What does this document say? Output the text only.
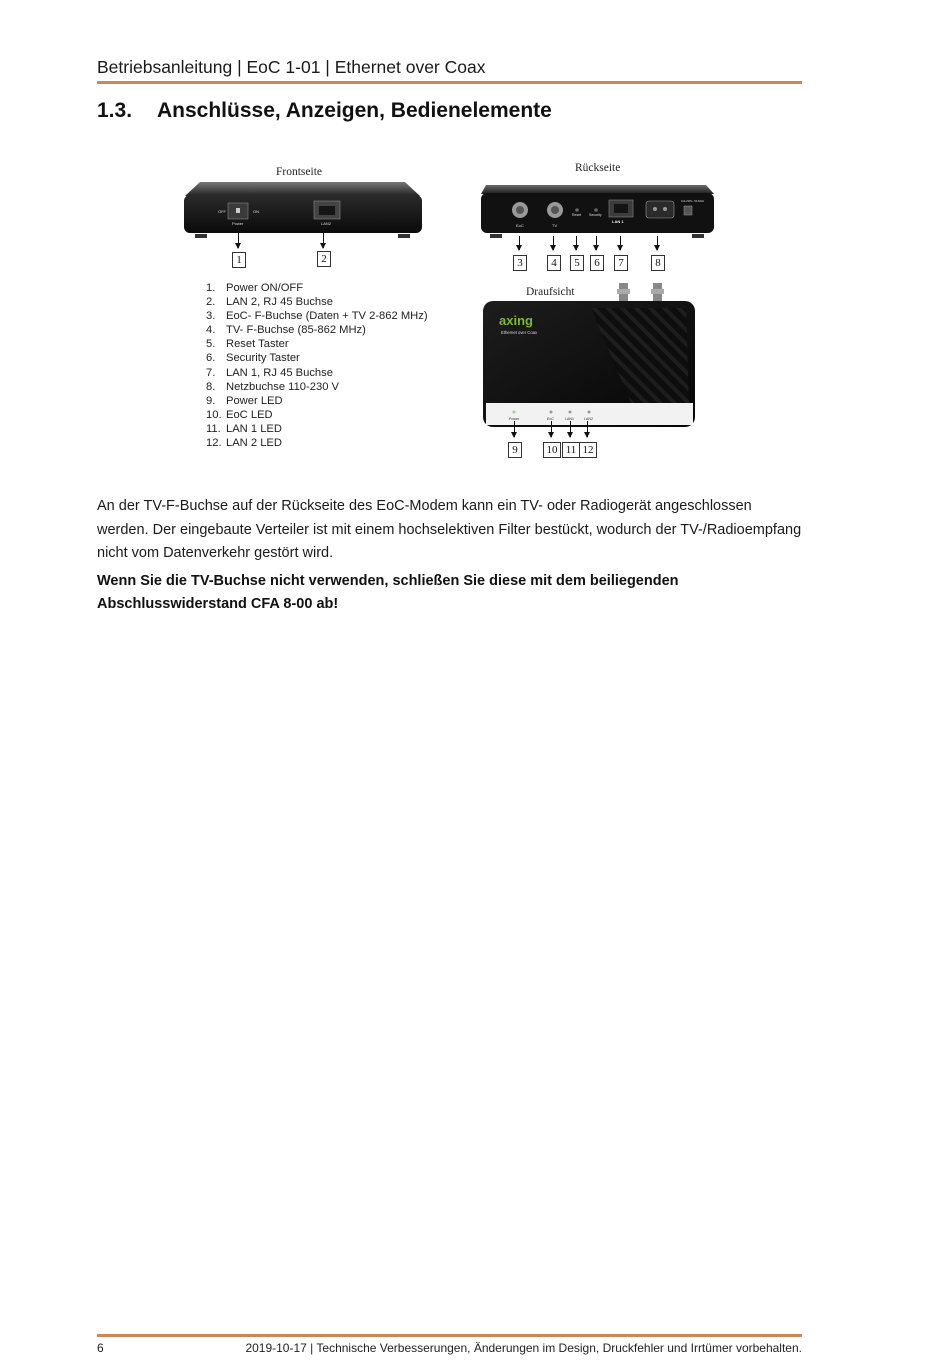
Betriebsanleitung | EoC 1-01 | Ethernet over Coax
1.3. Anschlüsse, Anzeigen, Bedienelemente
Frontseite
OFF	ON
Power	LAN2
Rückseite
EoC	TV
Reset Security
LAN 1
110-230V~ 50-60Hz
Draufsicht
axing
Ethernet over Coax
Power	EoC	LAN1	LAN2
1	2	3	4	5	6	7	8
9	10 11 12
1. Power ON/OFF
2. LAN 2, RJ 45 Buchse
3. EoC- F-Buchse (Daten + TV 2-862 MHz)
4. TV- F-Buchse (85-862 MHz)
5. Reset Taster
6. Security Taster
7. LAN 1, RJ 45 Buchse
8. Netzbuchse 110-230 V
9. Power LED
10. EoC LED
11. LAN 1 LED
12. LAN 2 LED
An der TV-F-Buchse auf der Rückseite des EoC-Modem kann ein TV- oder Radiogerät angeschlossen werden. Der eingebaute Verteiler ist mit einem hochselektiven Filter bestückt, wodurch der TV-/Radioempfang nicht vom Datenverkehr gestört wird.
Wenn Sie die TV-Buchse nicht verwenden, schließen Sie diese mit dem beiliegenden Abschlusswiderstand CFA 8-00 ab!
6	2019-10-17 | Technische Verbesserungen, Änderungen im Design, Druckfehler und Irrtümer vorbehalten.
